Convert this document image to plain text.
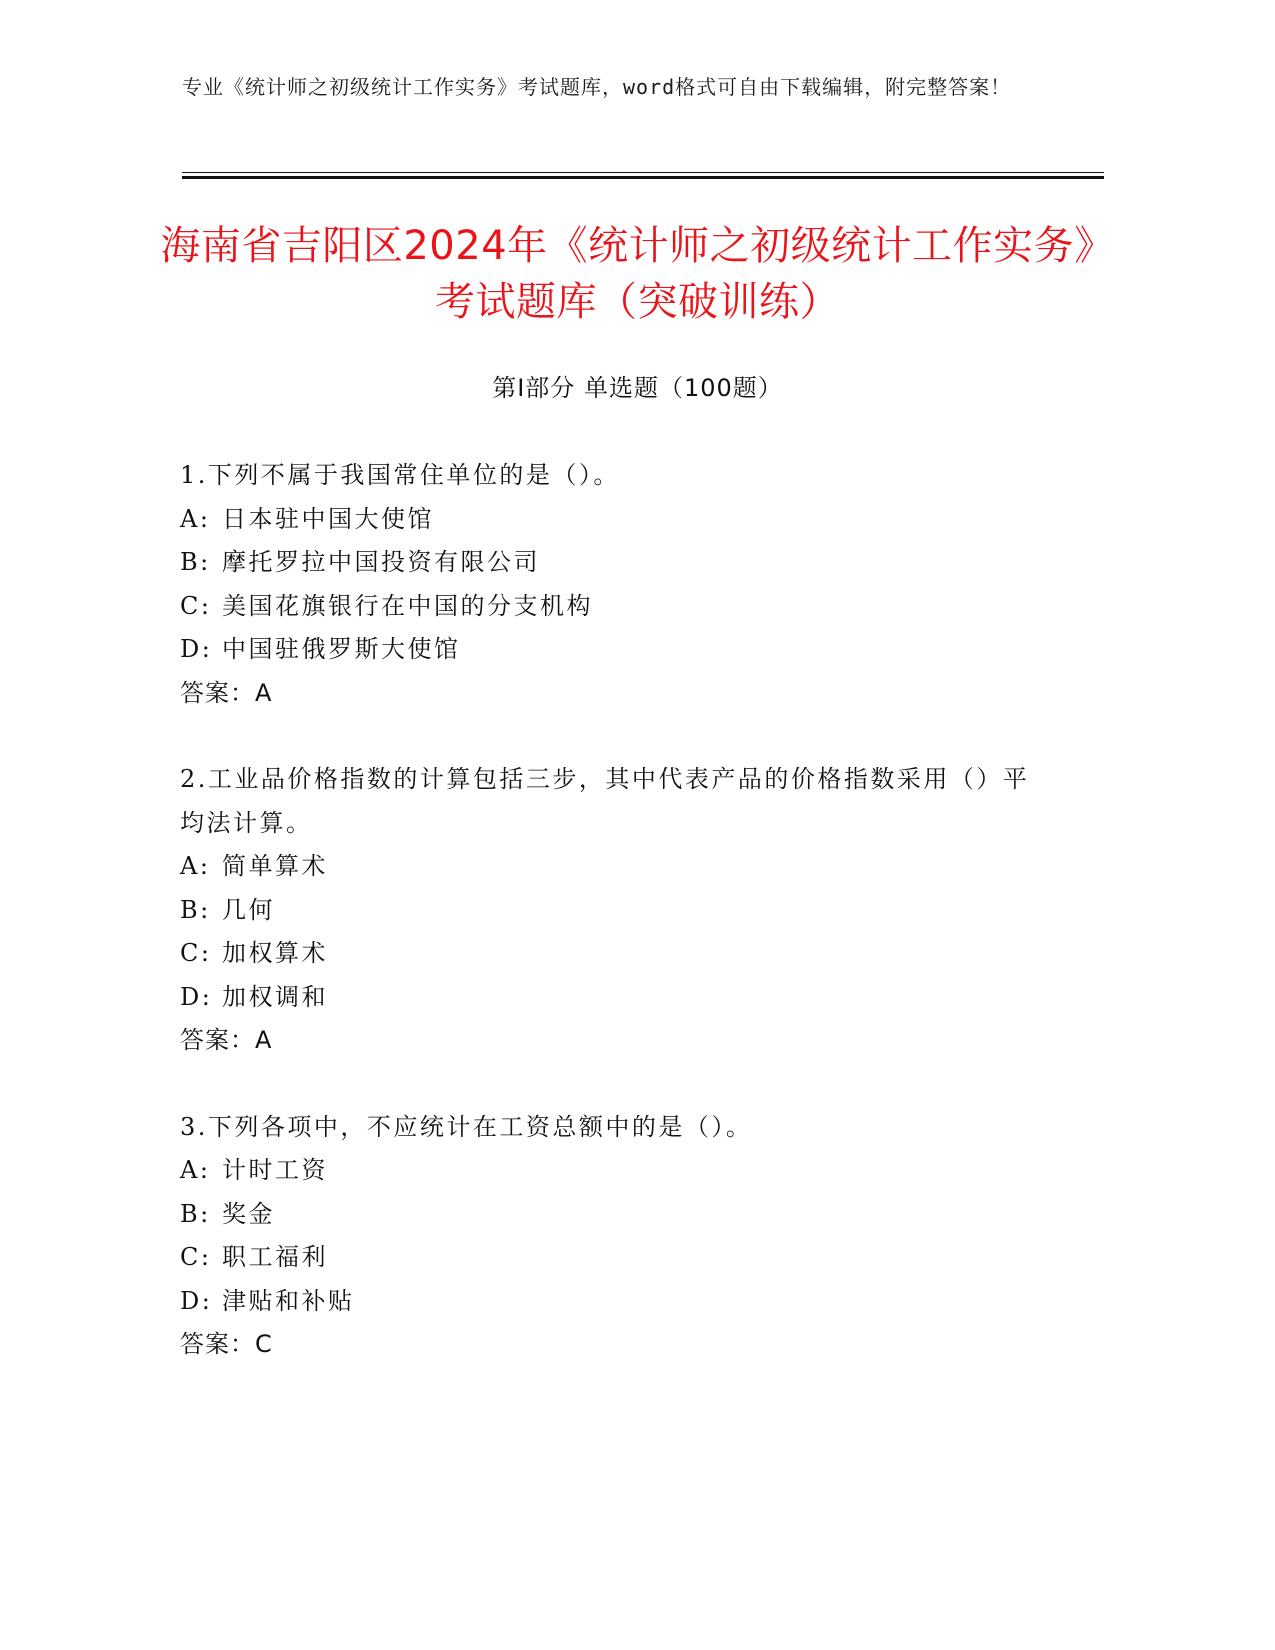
专业《统计师之初级统计工作实务》考试题库，word格式可自由下载编辑，附完整答案！
海南省吉阳区2024年《统计师之初级统计工作实务》考试题库（突破训练）
第Ⅰ部分 单选题（100题）

1.下列不属于我国常住单位的是（）。

A: 日本驻中国大使馆
B: 摩托罗拉中国投资有限公司
C: 美国花旗银行在中国的分支机构
D: 中国驻俄罗斯大使馆
答案：A

2.工业品价格指数的计算包括三步，其中代表产品的价格指数采用（）平均法计算。

A: 简单算术
B: 几何
C: 加权算术
D: 加权调和
答案：A

3.下列各项中，不应统计在工资总额中的是（）。

A: 计时工资
B: 奖金
C: 职工福利
D: 津贴和补贴
答案：C
